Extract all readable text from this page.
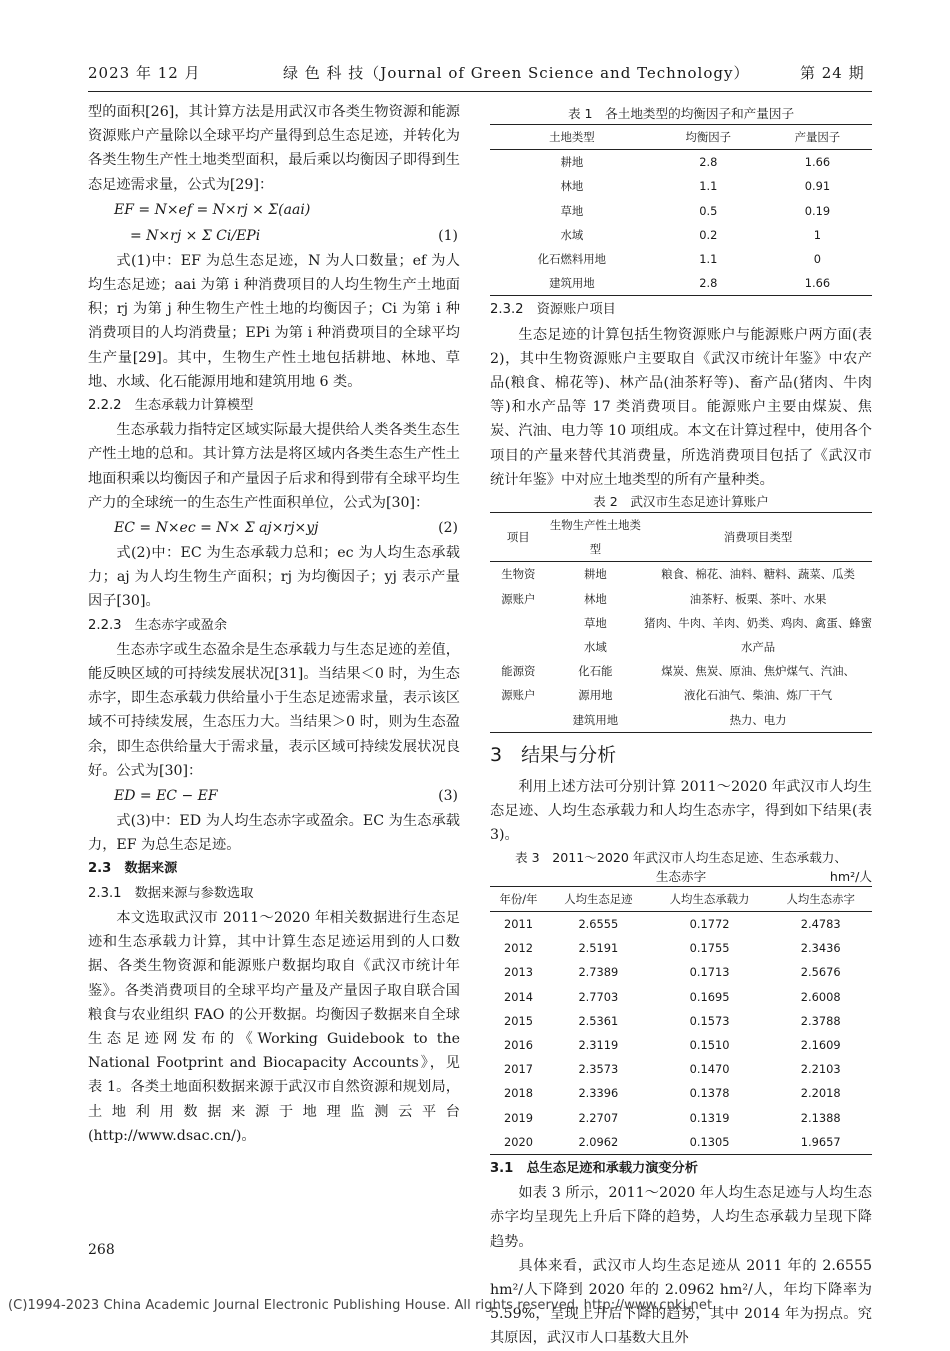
2023 年 12 月	绿 色 科 技（Journal of Green Science and Technology）	第 24 期

型的面积[26]，其计算方法是用武汉市各类生物资源和能源资源账户产量除以全球平均产量得到总生态足迹，并转化为各类生物生产性土地类型面积，最后乘以均衡因子即得到生态足迹需求量，公式为[29]：

EF = N×ef = N×rj × Σ(aai)
= N×rj × Σ Ci/EPi	(1)

式(1)中：EF 为总生态足迹，N 为人口数量；ef 为人均生态足迹；aai 为第 i 种消费项目的人均生物生产土地面积；rj 为第 j 种生物生产性土地的均衡因子；Ci 为第 i 种消费项目的人均消费量；EPi 为第 i 种消费项目的全球平均生产量[29]。其中，生物生产性土地包括耕地、林地、草地、水域、化石能源用地和建筑用地 6 类。

2.2.2　生态承载力计算模型

生态承载力指特定区域实际最大提供给人类各类生态生产性土地的总和。其计算方法是将区域内各类生态生产性土地面积乘以均衡因子和产量因子后求和得到带有全球平均生产力的全球统一的生态生产性面积单位，公式为[30]：

EC = N×ec = N× Σ aj×rj×yj	(2)

式(2)中：EC 为生态承载力总和；ec 为人均生态承载力；aj 为人均生物生产面积；rj 为均衡因子；yj 表示产量因子[30]。

2.2.3　生态赤字或盈余

生态赤字或生态盈余是生态承载力与生态足迹的差值，能反映区域的可持续发展状况[31]。当结果＜0 时，为生态赤字，即生态承载力供给量小于生态足迹需求量，表示该区域不可持续发展，生态压力大。当结果＞0 时，则为生态盈余，即生态供给量大于需求量，表示区域可持续发展状况良好。公式为[30]：

ED = EC − EF	(3)

式(3)中：ED 为人均生态赤字或盈余。EC 为生态承载力，EF 为总生态足迹。

2.3　数据来源

2.3.1　数据来源与参数选取

本文选取武汉市 2011～2020 年相关数据进行生态足迹和生态承载力计算，其中计算生态足迹运用到的人口数据、各类生物资源和能源账户数据均取自《武汉市统计年鉴》。各类消费项目的全球平均产量及产量因子取自联合国粮食与农业组织 FAO 的公开数据。均衡因子数据来自全球生态足迹网发布的《Working Guidebook to the National Footprint and Biocapacity Accounts》，见表 1。各类土地面积数据来源于武汉市自然资源和规划局，土地利用数据来源于地理监测云平台(http://www.dsac.cn/)。

表 1　各土地类型的均衡因子和产量因子
土地类型	均衡因子	产量因子
耕地	2.8	1.66
林地	1.1	0.91
草地	0.5	0.19
水域	0.2	1
化石燃料用地	1.1	0
建筑用地	2.8	1.66

2.3.2　资源账户项目

生态足迹的计算包括生物资源账户与能源账户两方面(表 2)，其中生物资源账户主要取自《武汉市统计年鉴》中农产品(粮食、棉花等)、林产品(油茶籽等)、畜产品(猪肉、牛肉等)和水产品等 17 类消费项目。能源账户主要由煤炭、焦炭、汽油、电力等 10 项组成。本文在计算过程中，使用各个项目的产量来替代其消费量，所选消费项目包括了《武汉市统计年鉴》中对应土地类型的所有产量种类。

表 2　武汉市生态足迹计算账户
项目	生物生产性土地类型	消费项目类型
生物资	耕地	粮食、棉花、油料、糖料、蔬菜、瓜类
源账户	林地	油茶籽、板栗、茶叶、水果
	草地	猪肉、牛肉、羊肉、奶类、鸡肉、禽蛋、蜂蜜
	水域	水产品
能源资	化石能	煤炭、焦炭、原油、焦炉煤气、汽油、
源账户	源用地	液化石油气、柴油、炼厂干气
	建筑用地	热力、电力
3　结果与分析

利用上述方法可分别计算 2011～2020 年武汉市人均生态足迹、人均生态承载力和人均生态赤字，得到如下结果(表 3)。

表 3　2011～2020 年武汉市人均生态足迹、生态承载力、
生态赤字	hm²/人
年份/年	人均生态足迹	人均生态承载力	人均生态赤字
2011	2.6555	0.1772	2.4783
2012	2.5191	0.1755	2.3436
2013	2.7389	0.1713	2.5676
2014	2.7703	0.1695	2.6008
2015	2.5361	0.1573	2.3788
2016	2.3119	0.1510	2.1609
2017	2.3573	0.1470	2.2103
2018	2.3396	0.1378	2.2018
2019	2.2707	0.1319	2.1388
2020	2.0962	0.1305	1.9657

3.1　总生态足迹和承载力演变分析

如表 3 所示，2011～2020 年人均生态足迹与人均生态赤字均呈现先上升后下降的趋势，人均生态承载力呈现下降趋势。

具体来看，武汉市人均生态足迹从 2011 年的 2.6555 hm²/人下降到 2020 年的 2.0962 hm²/人，年均下降率为 5.59%，呈现上升后下降的趋势，其中 2014 年为拐点。究其原因，武汉市人口基数大且外

268
(C)1994-2023 China Academic Journal Electronic Publishing House. All rights reserved. http://www.cnki.net
